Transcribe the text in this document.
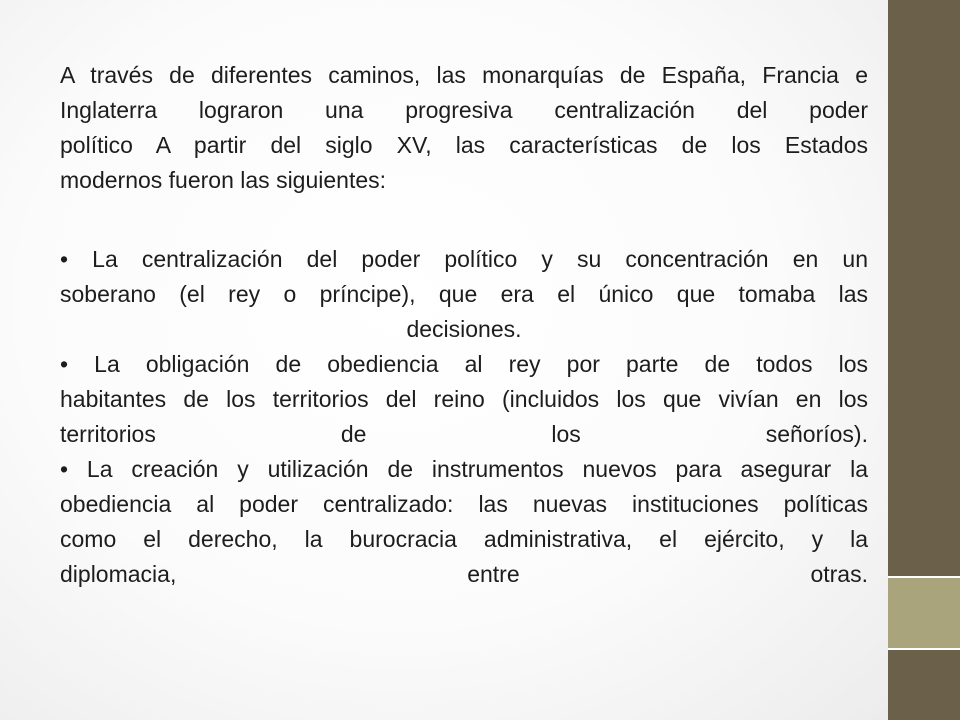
A través de diferentes caminos, las monarquías de España, Francia e
Inglaterra lograron una progresiva centralización del poder
político A partir del siglo XV, las características de los Estados
modernos fueron las siguientes:
• La centralización del poder político y su concentración en un
soberano (el rey o príncipe), que era el único que tomaba las
decisiones.
• La obligación de obediencia al rey por parte de todos los
habitantes de los territorios del reino (incluidos los que vivían en los
territorios	de	los	señoríos).
• La creación y utilización de instrumentos nuevos para asegurar la
obediencia al poder centralizado: las nuevas instituciones políticas
como el derecho, la burocracia administrativa, el ejército, y la
diplomacia,	entre	otras.
